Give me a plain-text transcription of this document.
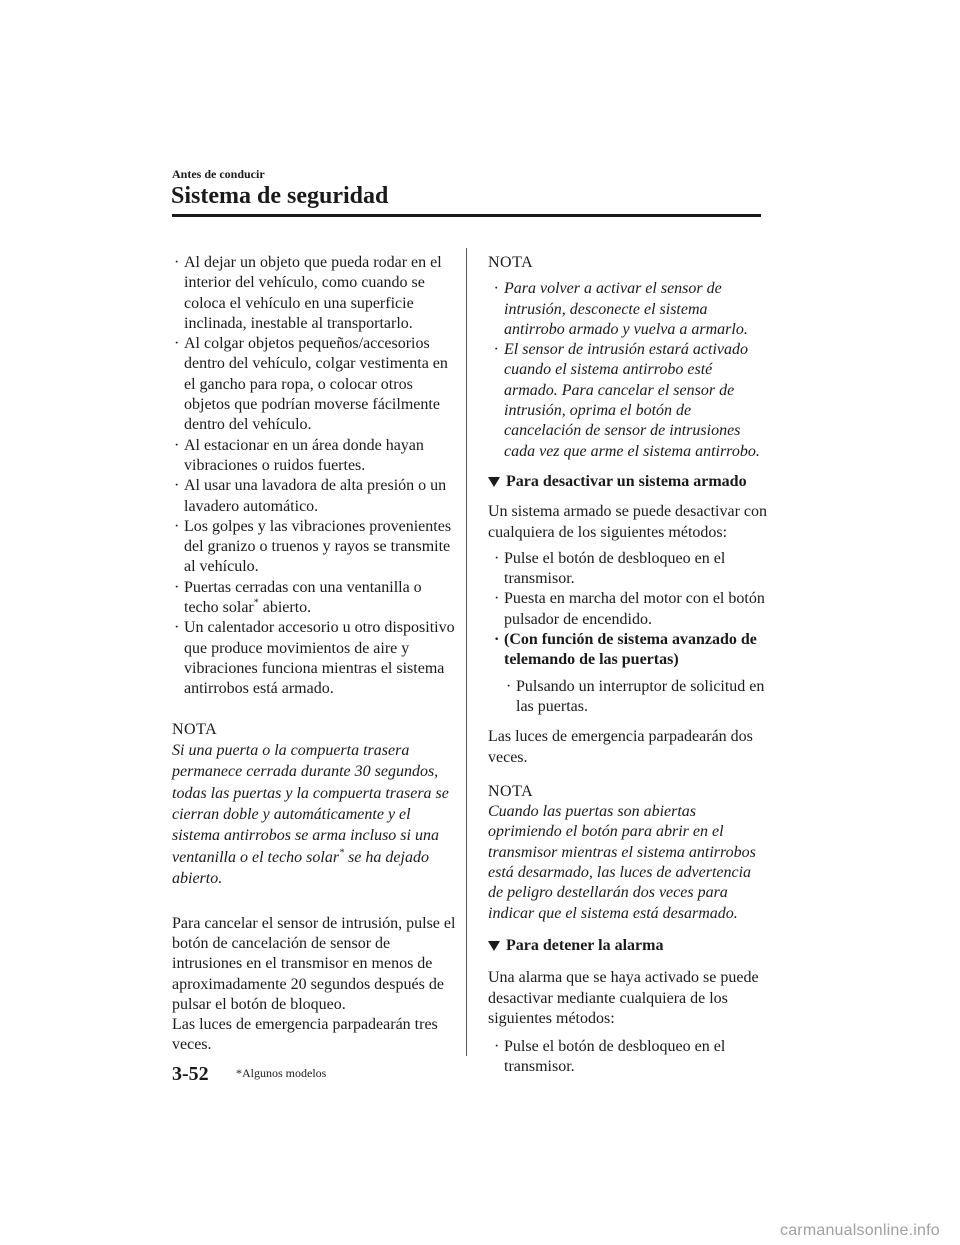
Antes de conducir
Sistema de seguridad
· Al dejar un objeto que pueda rodar en el interior del vehículo, como cuando se coloca el vehículo en una superficie inclinada, inestable al transportarlo.
· Al colgar objetos pequeños/accesorios dentro del vehículo, colgar vestimenta en el gancho para ropa, o colocar otros objetos que podrían moverse fácilmente dentro del vehículo.
· Al estacionar en un área donde hayan vibraciones o ruidos fuertes.
· Al usar una lavadora de alta presión o un lavadero automático.
· Los golpes y las vibraciones provenientes del granizo o truenos y rayos se transmite al vehículo.
· Puertas cerradas con una ventanilla o techo solar* abierto.
· Un calentador accesorio u otro dispositivo que produce movimientos de aire y vibraciones funciona mientras el sistema antirrobos está armado.
NOTA
Si una puerta o la compuerta trasera permanece cerrada durante 30 segundos, todas las puertas y la compuerta trasera se cierran doble y automáticamente y el sistema antirrobos se arma incluso si una ventanilla o el techo solar* se ha dejado abierto.
Para cancelar el sensor de intrusión, pulse el botón de cancelación de sensor de intrusiones en el transmisor en menos de aproximadamente 20 segundos después de pulsar el botón de bloqueo.
Las luces de emergencia parpadearán tres veces.
NOTA
· Para volver a activar el sensor de intrusión, desconecte el sistema antirrobo armado y vuelva a armarlo.
· El sensor de intrusión estará activado cuando el sistema antirrobo esté armado. Para cancelar el sensor de intrusión, oprima el botón de cancelación de sensor de intrusiones cada vez que arme el sistema antirrobo.
Para desactivar un sistema armado
Un sistema armado se puede desactivar con cualquiera de los siguientes métodos:
· Pulse el botón de desbloqueo en el transmisor.
· Puesta en marcha del motor con el botón pulsador de encendido.
· (Con función de sistema avanzado de telemando de las puertas)
· Pulsando un interruptor de solicitud en las puertas.
Las luces de emergencia parpadearán dos veces.
NOTA
Cuando las puertas son abiertas oprimiendo el botón para abrir en el transmisor mientras el sistema antirrobos está desarmado, las luces de advertencia de peligro destellarán dos veces para indicar que el sistema está desarmado.
Para detener la alarma
Una alarma que se haya activado se puede desactivar mediante cualquiera de los siguientes métodos:
· Pulse el botón de desbloqueo en el transmisor.
3-52 *Algunos modelos
carmanualsonline.info
